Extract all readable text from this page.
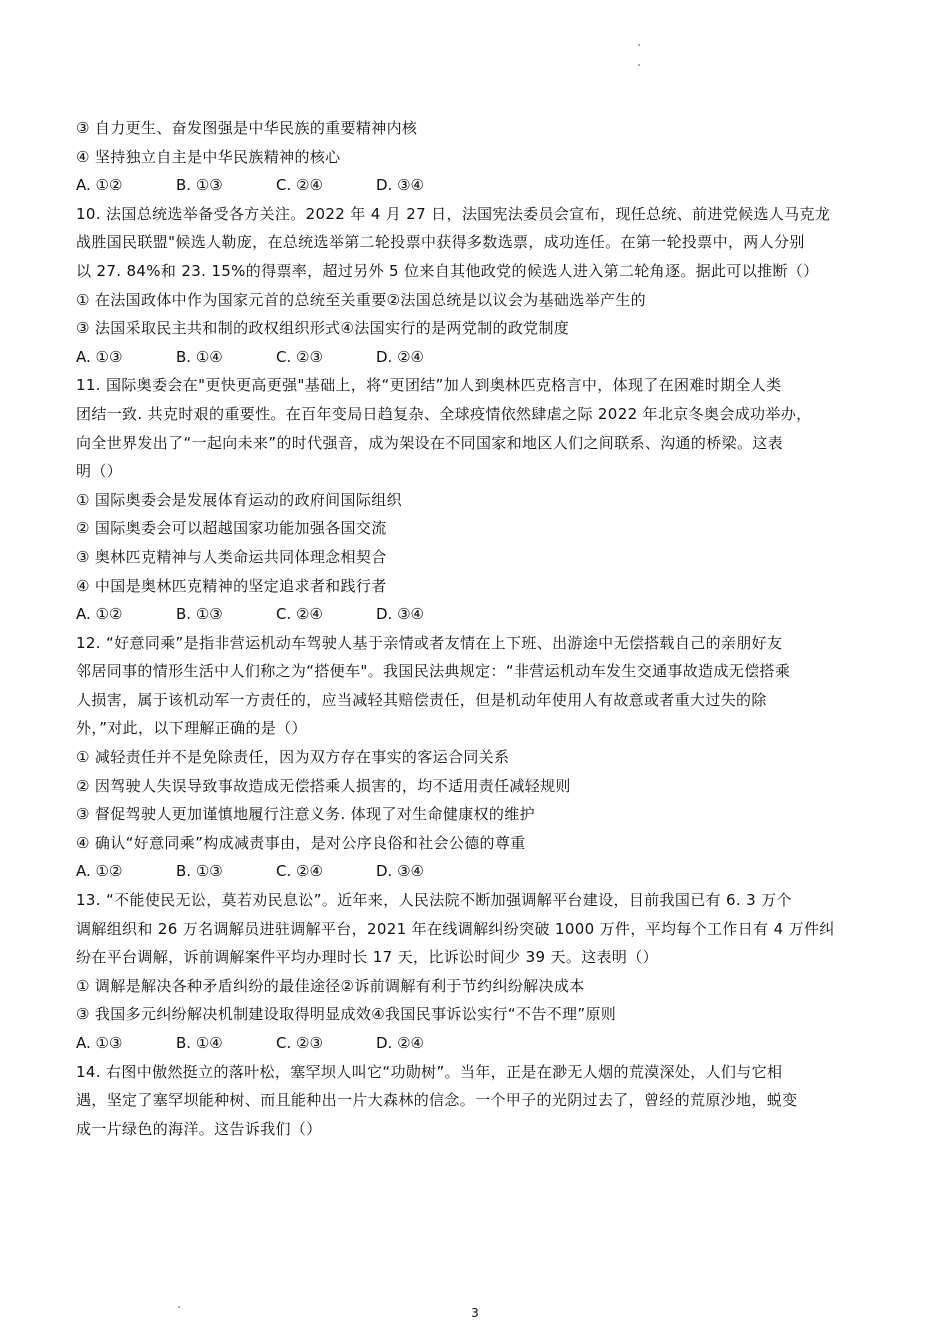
③ 自力更生、奋发图强是中华民族的重要精神内核
④ 坚持独立自主是中华民族精神的核心
A. ①②	B. ①③	C. ②④	D. ③④
10. 法国总统选举备受各方关注。2022 年 4 月 27 日，法国宪法委员会宣布，现任总统、前进党候选人马克龙
战胜国民联盟"候选人勒庞，在总统选举第二轮投票中获得多数选票，成功连任。在第一轮投票中，两人分别
以 27. 84%和 23. 15%的得票率，超过另外 5 位来自其他政党的候选人进入第二轮角逐。据此可以推断（）
① 在法国政体中作为国家元首的总统至关重要②法国总统是以议会为基础选举产生的
③ 法国采取民主共和制的政权组织形式④法国实行的是两党制的政党制度
A. ①③	B. ①④	C. ②③	D. ②④
11. 国际奥委会在"更快更高更强"基础上，将“更团结”加人到奥林匹克格言中，体现了在困难时期全人类
团结一致. 共克时艰的重要性。在百年变局日趋复杂、全球疫情依然肆虐之际 2022 年北京冬奥会成功举办，
向全世界发出了“一起向未来”的时代强音，成为架设在不同国家和地区人们之间联系、沟通的桥梁。这表
明（）
① 国际奥委会是发展体育运动的政府间国际组织
② 国际奥委会可以超越国家功能加强各国交流
③ 奥林匹克精神与人类命运共同体理念相契合
④ 中国是奥林匹克精神的坚定追求者和践行者
A. ①②	B. ①③	C. ②④	D. ③④
12. “好意同乘”是指非营运机动车驾驶人基于亲情或者友情在上下班、出游途中无偿搭载自己的亲朋好友
邻居同事的情形生活中人们称之为“搭便车"。我国民法典规定：“非营运机动车发生交通事故造成无偿搭乘
人损害，属于该机动军一方责任的，应当减轻其赔偿责任，但是机动年使用人有故意或者重大过失的除
外，”对此，以下理解正确的是（）
① 减轻责任并不是免除责任，因为双方存在事实的客运合同关系
② 因驾驶人失误导致事故造成无偿搭乘人损害的，均不适用责任减轻规则
③ 督促驾驶人更加谨慎地履行注意义务. 体现了对生命健康权的维护
④ 确认“好意同乘”构成减责事由，是对公序良俗和社会公德的尊重
A. ①②	B. ①③	C. ②④	D. ③④
13. “不能使民无讼，莫若劝民息讼”。近年来，人民法院不断加强调解平台建设，目前我国已有 6. 3 万个
调解组织和 26 万名调解员进驻调解平台，2021 年在线调解纠纷突破 1000 万件，平均每个工作日有 4 万件纠
纷在平台调解，诉前调解案件平均办理时长 17 天，比诉讼时间少 39 天。这表明（）
① 调解是解决各种矛盾纠纷的最佳途径②诉前调解有利于节约纠纷解决成本
③ 我国多元纠纷解决机制建设取得明显成效④我国民事诉讼实行“不告不理”原则
A. ①③	B. ①④	C. ②③	D. ②④
14. 右图中傲然挺立的落叶松，塞罕坝人叫它“功勋树”。当年，正是在渺无人烟的荒漠深处，人们与它相
遇，坚定了塞罕坝能种树、而且能种出一片大森林的信念。一个甲子的光阴过去了，曾经的荒原沙地，蜕变
成一片绿色的海洋。这告诉我们（）
3
